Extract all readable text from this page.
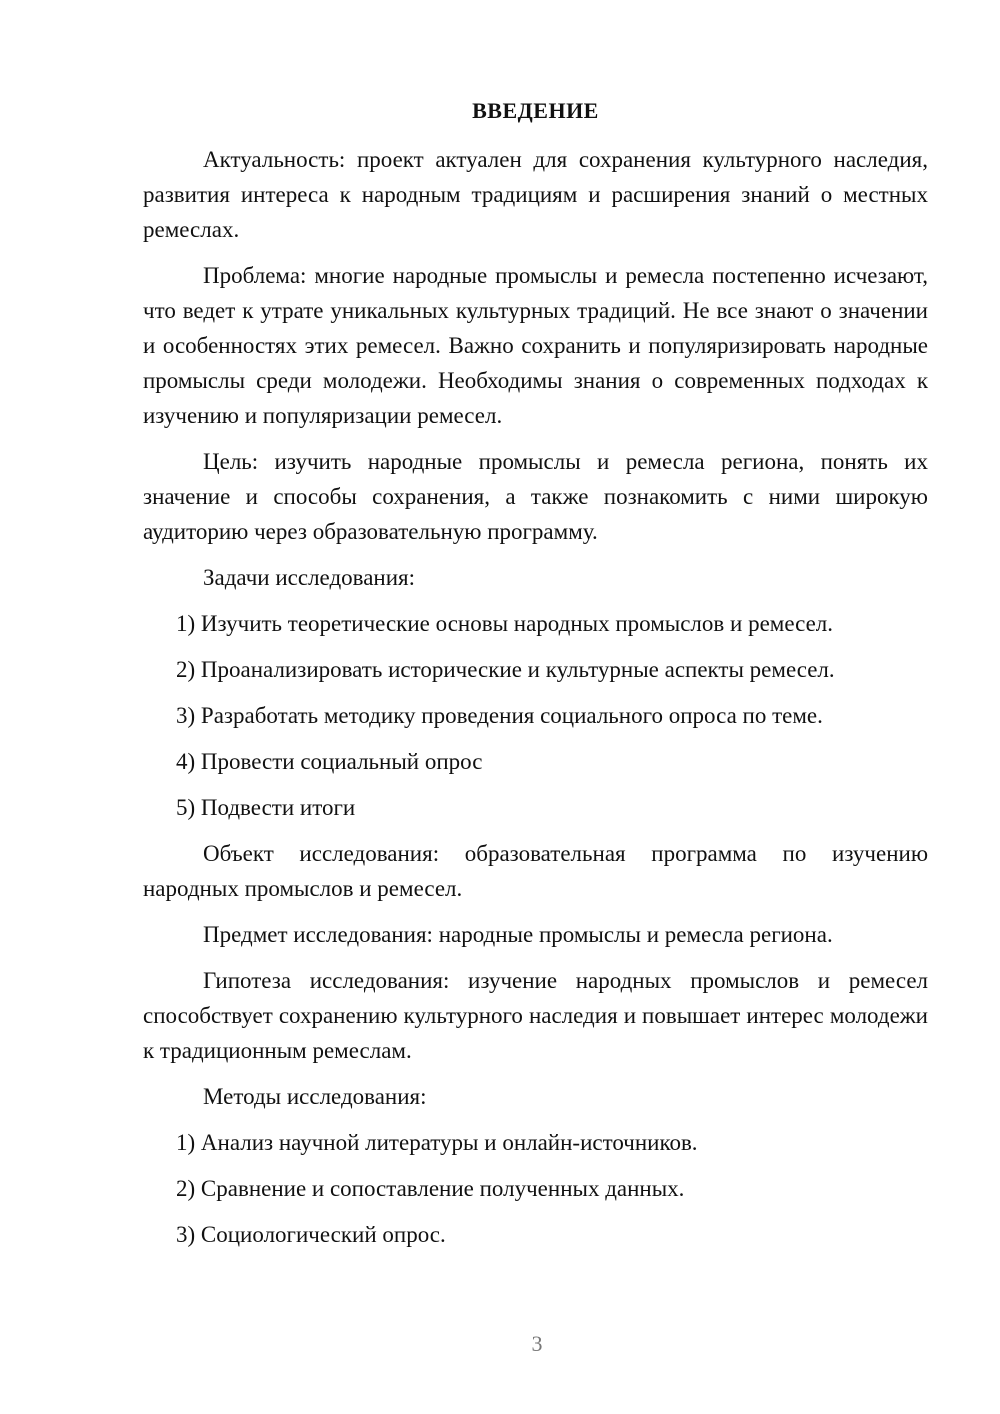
ВВЕДЕНИЕ

Актуальность: проект актуален для сохранения культурного наследия, развития интереса к народным традициям и расширения знаний о местных ремеслах.

Проблема: многие народные промыслы и ремесла постепенно исчезают, что ведет к утрате уникальных культурных традиций. Не все знают о значении и особенностях этих ремесел. Важно сохранить и популяризировать народные промыслы среди молодежи. Необходимы знания о современных подходах к изучению и популяризации ремесел.

Цель: изучить народные промыслы и ремесла региона, понять их значение и способы сохранения, а также познакомить с ними широкую аудиторию через образовательную программу.

Задачи исследования:

1) Изучить теоретические основы народных промыслов и ремесел.

2) Проанализировать исторические и культурные аспекты ремесел.

3) Разработать методику проведения социального опроса по теме.

4) Провести социальный опрос

5) Подвести итоги

Объект исследования: образовательная программа по изучению народных промыслов и ремесел.

Предмет исследования: народные промыслы и ремесла региона.

Гипотеза исследования: изучение народных промыслов и ремесел способствует сохранению культурного наследия и повышает интерес молодежи к традиционным ремеслам.

Методы исследования:

1) Анализ научной литературы и онлайн-источников.

2) Сравнение и сопоставление полученных данных.

3) Социологический опрос.

3
